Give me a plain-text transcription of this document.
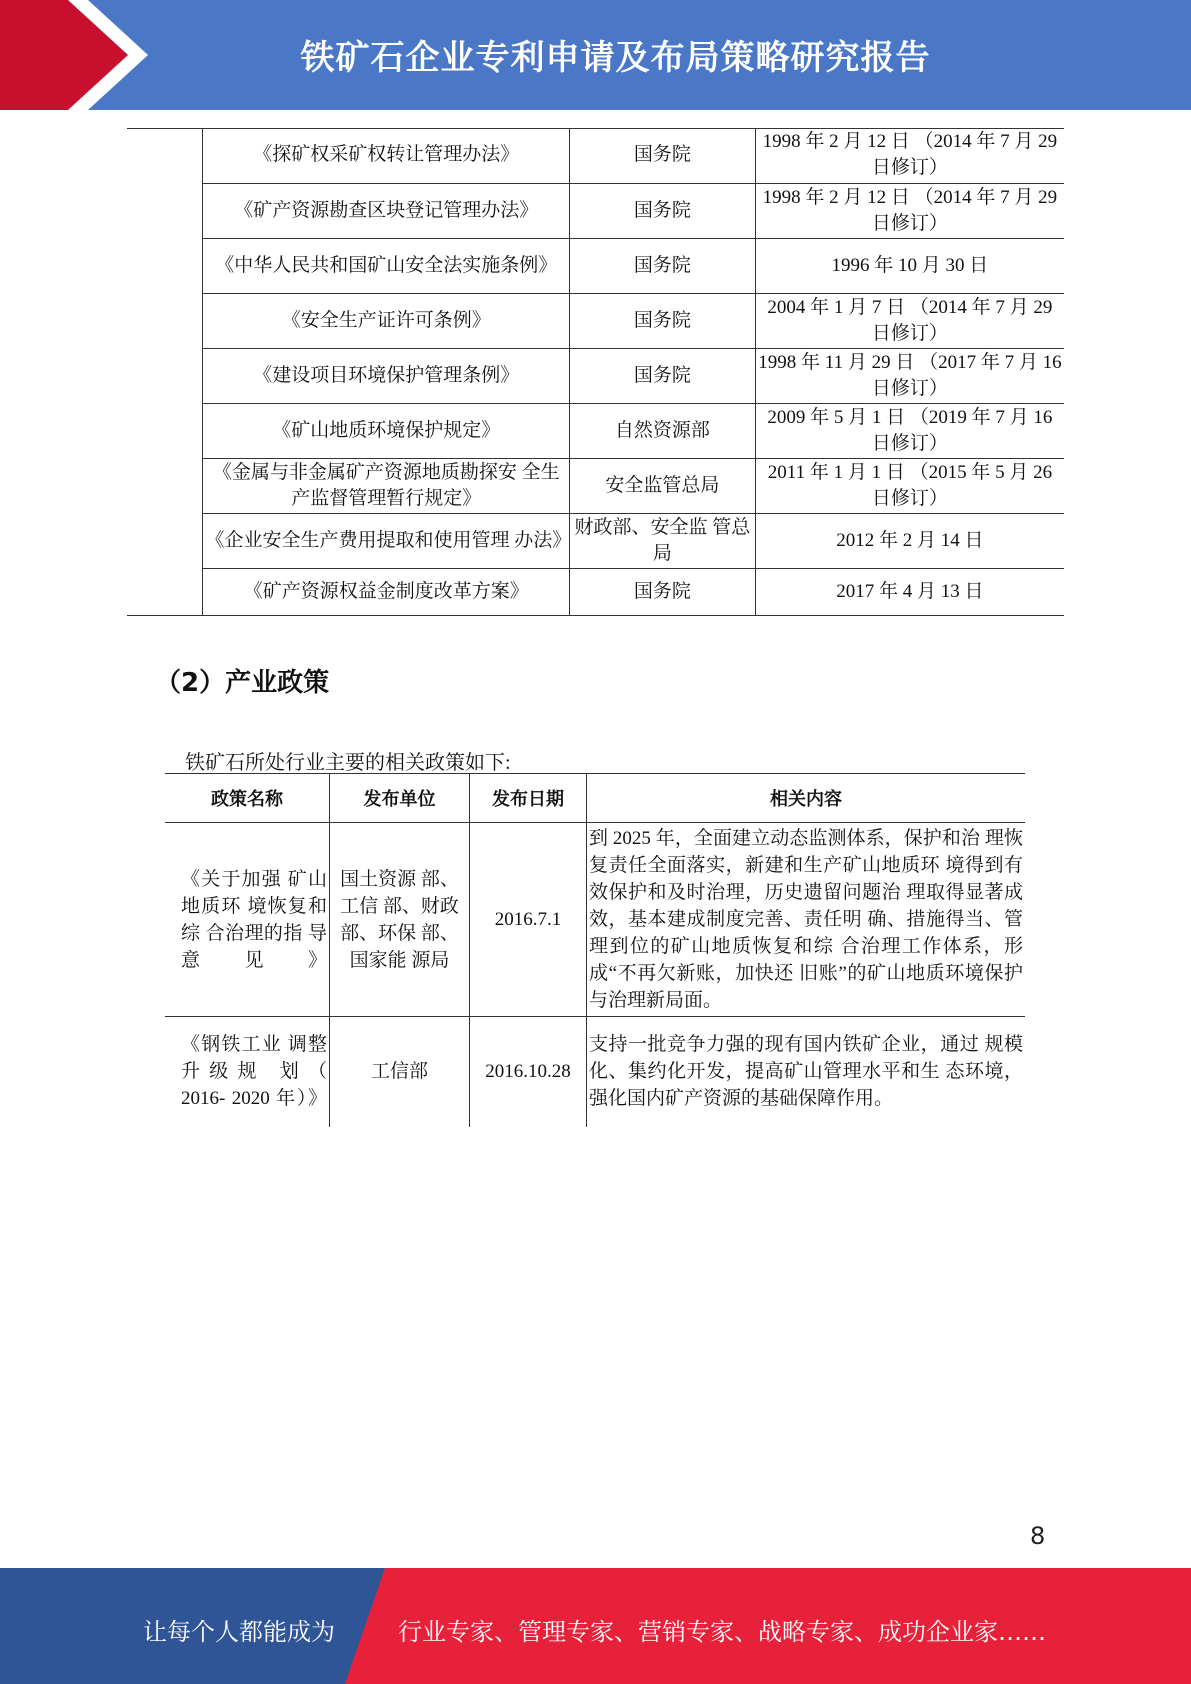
铁矿石企业专利申请及布局策略研究报告
	《探矿权采矿权转让管理办法》	国务院	1998 年 2 月 12 日 （2014 年 7 月 29 日修订）
	《矿产资源勘查区块登记管理办法》	国务院	1998 年 2 月 12 日 （2014 年 7 月 29 日修订）
	《中华人民共和国矿山安全法实施条例》	国务院	1996 年 10 月 30 日
	《安全生产证许可条例》	国务院	2004 年 1 月 7 日 （2014 年 7 月 29 日修订）
	《建设项目环境保护管理条例》	国务院	1998 年 11 月 29 日 （2017 年 7 月 16 日修订）
	《矿山地质环境保护规定》	自然资源部	2009 年 5 月 1 日 （2019 年 7 月 16 日修订）
	《金属与非金属矿产资源地质勘探安 全生产监督管理暂行规定》	安全监管总局	2011 年 1 月 1 日 （2015 年 5 月 26 日修订）
	《企业安全生产费用提取和使用管理 办法》	财政部、安全监 管总局	2012 年 2 月 14 日
	《矿产资源权益金制度改革方案》	国务院	2017 年 4 月 13 日
（2）产业政策
铁矿石所处行业主要的相关政策如下:
政策名称	发布单位	发布日期	相关内容
《关于加强 矿山地质环 境恢复和综 合治理的指 导意见》	国土资源 部、工信 部、财政部、环保 部、国家能 源局	2016.7.1	到 2025 年，全面建立动态监测体系，保护和治 理恢复责任全面落实，新建和生产矿山地质环 境得到有效保护和及时治理，历史遗留问题治 理取得显著成效，基本建成制度完善、责任明 确、措施得当、管理到位的矿山地质恢复和综 合治理工作体系，形成“不再欠新账，加快还 旧账”的矿山地质环境保护与治理新局面。
《钢铁工业 调整升级规 划（ 2016- 2020 年）》	工信部	2016.10.28	支持一批竞争力强的现有国内铁矿企业，通过 规模化、集约化开发，提高矿山管理水平和生 态环境，强化国内矿产资源的基础保障作用。
8
让每个人都能成为	行业专家、管理专家、营销专家、战略专家、成功企业家……
